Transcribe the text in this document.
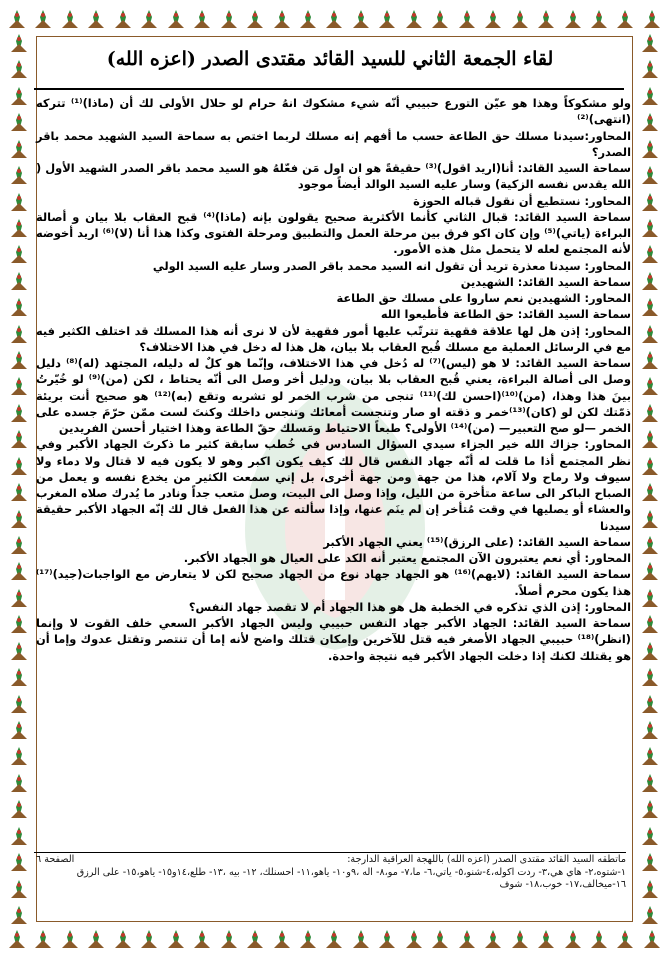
لقاء الجمعة الثاني للسيد القائد مقتدى الصدر (اعزه الله)

ولو مشكوكاً وهذا هو عيّن التورع حبيبي أنّه شيء مشكوك انهُ حرام لو حلال الأولى لك أن (ماذا)⁽¹⁾ تتركه (انتهى)⁽²⁾

المحاور:سيدنا مسلك حق الطاعة حسب ما أفهم إنه مسلك لربما اختص به سماحة السيد الشهيد محمد باقر الصدر؟

سماحة السيد القائد: أنا(اريد اقول)⁽³⁾ حقيقةً هو ان اول مَن فعّلهُ هو السيد محمد باقر الصدر الشهيد الأول ( الله يقدس نفسه الزكية) وسار عليه السيد الوالد أيضاً موجود

المحاور: نستطيع أن نقول قباله الحوزة

سماحة السيد القائد: قبال الثاني كأنما الأكثرية صحيح يقولون بإنه (ماذا)⁽⁴⁾ قبح العقاب بلا بيان و أصالة البراءة (ياتي)⁽⁵⁾ وإن كان اكو فرق بين مرحلة العمل والتطبيق ومرحلة الفتوى وكذا هذا أنا (لا)⁽⁶⁾ اريد أخوضه لأنه المجتمع لعله لا يتحمل مثل هذه الأمور.

المحاور: سيدنا معذرة تريد أن تقول انه السيد محمد باقر الصدر وسار عليه السيد الولي

سماحة السيد القائد: الشهيدين

المحاور: الشهيدين نعم ساروا على مسلك حق الطاعة

سماحة السيد القائد: حق الطاعة فأطيعوا الله

المحاور: إذن هل لها علاقة فقهية تترتّب عليها أمور فقهية لأن لا نرى أنه هذا المسلك قد اختلف الكثير فيه مع في الرسائل العملية مع مسلك قُبح العقاب بلا بيان، هل هذا له دخل في هذا الاختلاف؟

سماحة السيد القائد: لا هو (ليس)⁽⁷⁾ له دُخل في هذا الاختلاف، وإنّما هو كلٌ له دليله، المجتهد (له)⁽⁸⁾ دليل وصل الى أصالة البراءة، يعني قُبح العقاب بلا بيان، ودليل أخر وصل الى أنّه يحتاط ، لكن (من)⁽⁹⁾ لو خُيّرتُ بينَ هذا وهذا، (من)⁽¹⁰⁾(احسن لك)⁽¹¹⁾ تنجى من شرب الخمر لو تشربه وتقع (به)⁽¹²⁾ هو صحيح أنت بريئة ذمّتك لكن لو (كان)⁽¹³⁾خمر و ذقته او صار وتنجست أمعائك وتنجس داخلك وكنتَ لست ممّن حرّمَ جسده على الخمر —لو صح التعبير— (من)⁽¹⁴⁾ الأولى؟ طبعاً الاحتياط ومَسلك حقّ الطاعة وهذا اختيار أحسن الفريدين

المحاور: جزاك الله خير الجزاء سيدي السؤال السادس في خُطب سابقة كثير ما ذكرتَ الجهاد الأكبر وفي نظر المجتمع أذا ما قلت له أنّه جهاد النفس قال لك كيف يكون اكبر وهو لا يكون فيه لا قتال ولا دماء ولا سيوف ولا رماح ولا آلام، هذا من جهة ومن جهة أخرى، بل إني سمعت الكثير من يخدع نفسه و يعمل من الصباح الباكر الى ساعة متأخرة من الليل، وإذا وصل الى البيت، وصل متعب جداً ونادر ما يُدرك صلاه المغرب والعشاء أو يصليها في وقت مُتأخر إن لم ينَم عنها، وإذا سألته عن هذا الفعل قال لك إنّه الجهاد الأكبر حقيقة سيدنا

سماحة السيد القائد: (على الرزق)⁽¹⁵⁾ يعني الجهاد الأكبر

المحاور: أي نعم يعتبرون الآن المجتمع يعتبر أنه الكد على العيال هو الجهاد الأكبر.

سماحة السيد القائد: (لايهم)⁽¹⁶⁾ هو الجهاد جهاد نوع من الجهاد صحيح لكن لا يتعارض مع الواجبات(جيد)⁽¹⁷⁾ هذا يكون محرم أصلاً.

المحاور: إذن الذي تذكره في الخطبة هل هو هذا الجهاد أم لا تقصد جهاد النفس؟

سماحة السيد القائد: الجهاد الأكبر جهاد النفس حبيبي وليس الجهاد الأكبر السعي خلف القوت لا وإنما (انظر)⁽¹⁸⁾ حبيبي الجهاد الأصغر فيه قتل للآخرين وإمكان قتلك واضح لأنه إما أن تنتصر وتقتل عدوك وإما أن هو يقتلك لكنك إذا دخلت الجهاد الأكبر فيه نتيجة واحدة.

ماتطقه السيد القائد مقتدى الصدر (اعزه الله) باللهجة العراقية الدارجة:
١-شتوه،٢- هاي هي،٣- ردت اكوله،٤-شنو،٥- ياتي،٦- ما،٧- مو،٨- اله ،٩و١٠- ياهو،١١- احسنلك، ١٢- بيه ،١٣- طلع،١٤و١٥- ياهو،١٥- على الرزق
١٦-ميخالف،١٧- خوب،١٨- شوف
الصفحة ٦
